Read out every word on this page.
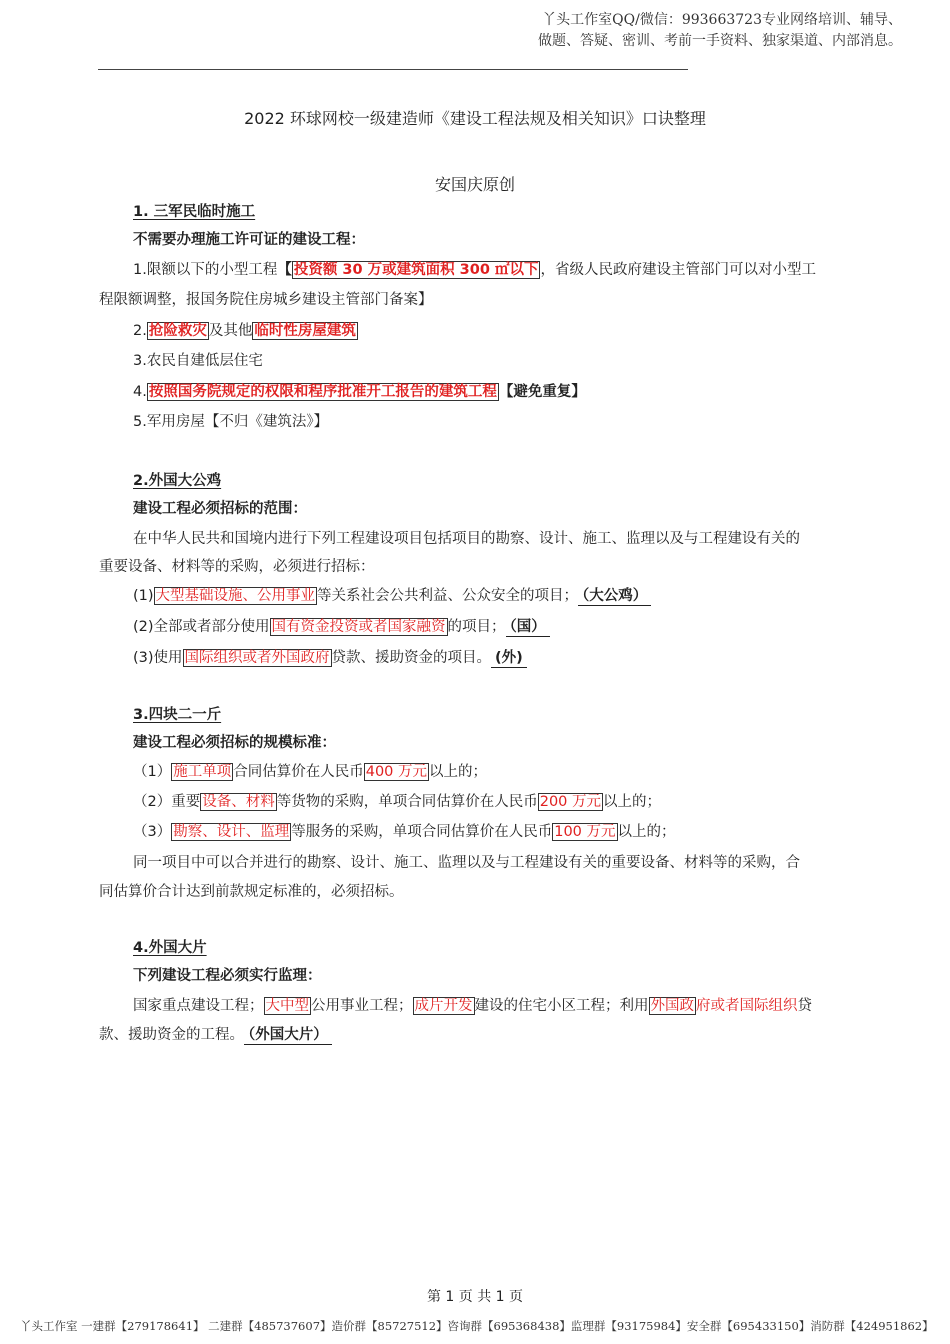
丫头工作室QQ/微信：993663723专业网络培训、辅导、
做题、答疑、密训、考前一手资料、独家渠道、内部消息。
2022 环球网校一级建造师《建设工程法规及相关知识》口诀整理
安国庆原创
1. 三军民临时施工
不需要办理施工许可证的建设工程：
1.限额以下的小型工程【 投资额 30 万或建筑面积 300 ㎡以下 ，省级人民政府建设主管部门可以对小型工
程限额调整，报国务院住房城乡建设主管部门备案】
2. 抢险救灾 及其他 临时性房屋建筑
3.农民自建低层住宅
4. 按照国务院规定的权限和程序批准开工报告的建筑工程 【避免重复】
5.军用房屋【不归《建筑法》】
2.外国大公鸡
建设工程必须招标的范围：
在中华人民共和国境内进行下列工程建设项目包括项目的勘察、设计、施工、监理以及与工程建设有关的
重要设备、材料等的采购，必须进行招标：
(1) 大型基础设施、公用事业 等关系社会公共利益、公众安全的项目； （大公鸡）
(2)全部或者部分使用 国有资金投资或者国家融资 的项目； （国）
(3)使用 国际组织或者外国政府 贷款、援助资金的项目。 (外)
3.四块二一斤
建设工程必须招标的规模标准：
（1） 施工单项 合同估算价在人民币 400 万元 以上的；
（2）重要 设备、材料 等货物的采购，单项合同估算价在人民币 200 万元 以上的；
（3） 勘察、设计、监理 等服务的采购，单项合同估算价在人民币 100 万元 以上的；
同一项目中可以合并进行的勘察、设计、施工、监理以及与工程建设有关的重要设备、材料等的采购，合
同估算价合计达到前款规定标准的，必须招标。
4.外国大片
下列建设工程必须实行监理：
国家重点建设工程； 大中型 公用事业工程； 成片开发 建设的住宅小区工程；利用 外国政 府或者国际组织贷
款、援助资金的工程。 （外国大片）
第 1 页 共 1 页
丫头工作室 一建群【279178641】 二建群【485737607】造价群【85727512】咨询群【695368438】监理群【93175984】安全群【695433150】消防群【424951862】
